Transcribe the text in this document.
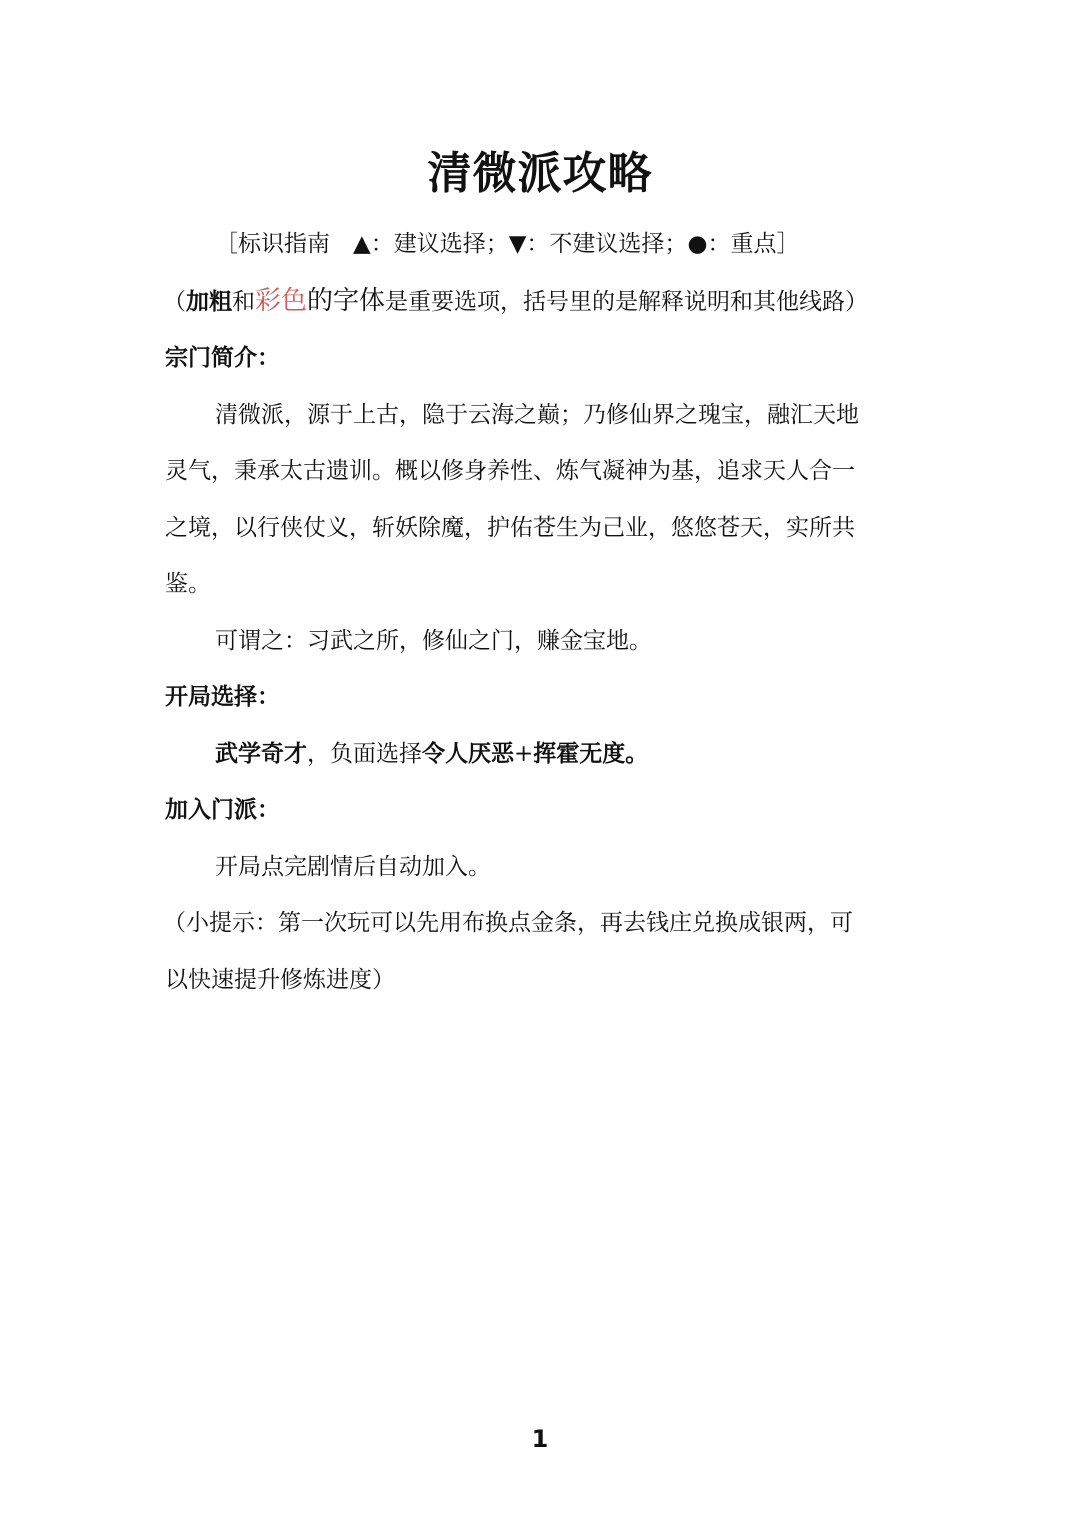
清微派攻略
［标识指南　▲：建议选择；▼：不建议选择；●：重点］
（加粗和彩色的字体是重要选项，括号里的是解释说明和其他线路）
宗门简介：
清微派，源于上古，隐于云海之巅；乃修仙界之瑰宝，融汇天地
灵气，秉承太古遗训。概以修身养性、炼气凝神为基，追求天人合一
之境，以行侠仗义，斩妖除魔，护佑苍生为己业，悠悠苍天，实所共
鉴。
可谓之：习武之所，修仙之门，赚金宝地。
开局选择：
武学奇才，负面选择令人厌恶+挥霍无度。
加入门派：
开局点完剧情后自动加入。
（小提示：第一次玩可以先用布换点金条，再去钱庄兑换成银两，可
以快速提升修炼进度）
1
